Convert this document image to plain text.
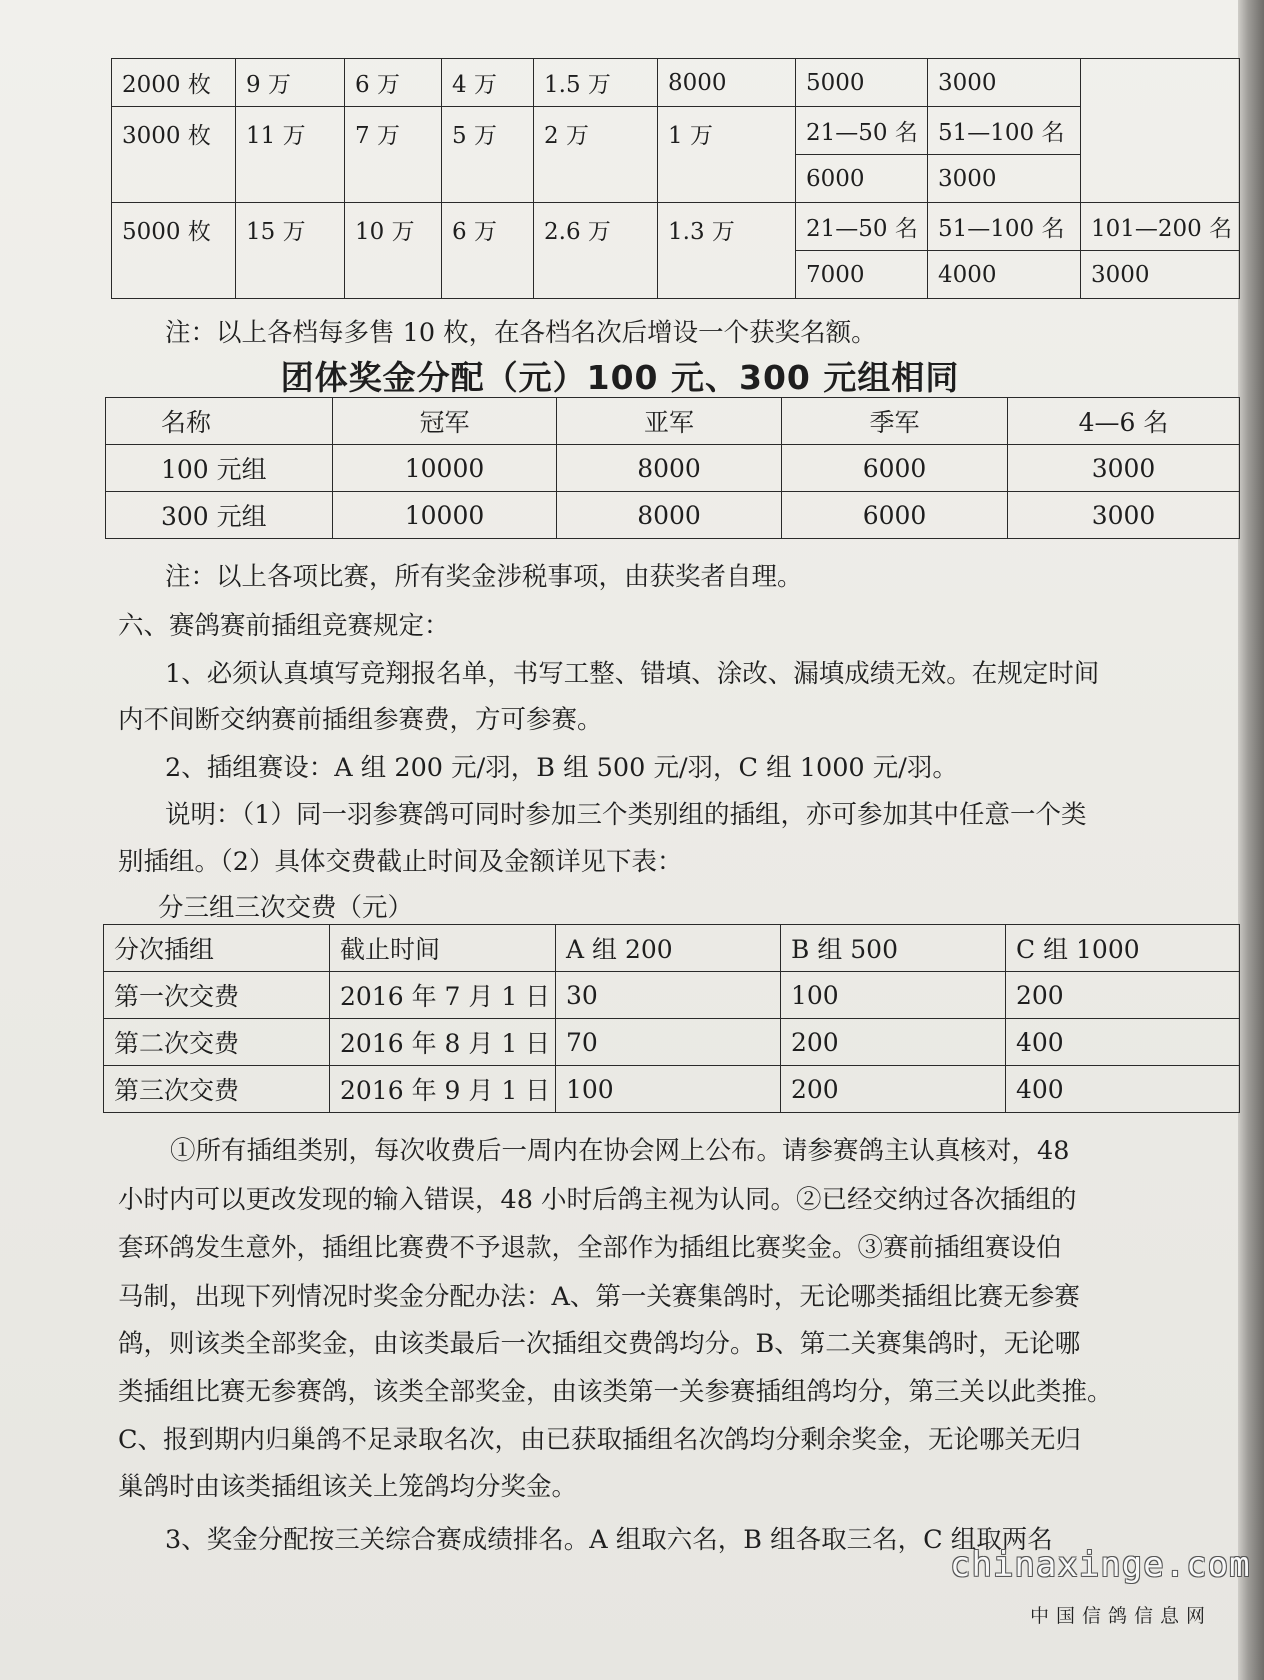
2000 枚	9 万	6 万	4 万	1.5 万	8000	5000	3000	
3000 枚	11 万	7 万	5 万	2 万	1 万	21—50 名	51—100 名	
						6000	3000	
5000 枚	15 万	10 万	6 万	2.6 万	1.3 万	21—50 名	51—100 名	101—200 名
						7000	4000	3000
注：以上各档每多售 10 枚，在各档名次后增设一个获奖名额。
团体奖金分配（元）100 元、300 元组相同
名称	冠军	亚军	季军	4—6 名
100 元组	10000	8000	6000	3000
300 元组	10000	8000	6000	3000
注：以上各项比赛，所有奖金涉税事项，由获奖者自理。
六、赛鸽赛前插组竞赛规定：
1、必须认真填写竞翔报名单，书写工整、错填、涂改、漏填成绩无效。在规定时间
内不间断交纳赛前插组参赛费，方可参赛。
2、插组赛设：A 组 200 元/羽，B 组 500 元/羽，C 组 1000 元/羽。
说明：（1）同一羽参赛鸽可同时参加三个类别组的插组，亦可参加其中任意一个类
别插组。（2）具体交费截止时间及金额详见下表：
分三组三次交费（元）
分次插组	截止时间	A 组 200	B 组 500	C 组 1000
第一次交费	2016 年 7 月 1 日	30	100	200
第二次交费	2016 年 8 月 1 日	70	200	400
第三次交费	2016 年 9 月 1 日	100	200	400
①所有插组类别，每次收费后一周内在协会网上公布。请参赛鸽主认真核对，48
小时内可以更改发现的输入错误，48 小时后鸽主视为认同。②已经交纳过各次插组的
套环鸽发生意外，插组比赛费不予退款，全部作为插组比赛奖金。③赛前插组赛设伯
马制，出现下列情况时奖金分配办法：A、第一关赛集鸽时，无论哪类插组比赛无参赛
鸽，则该类全部奖金，由该类最后一次插组交费鸽均分。B、第二关赛集鸽时，无论哪
类插组比赛无参赛鸽，该类全部奖金，由该类第一关参赛插组鸽均分，第三关以此类推。
C、报到期内归巢鸽不足录取名次，由已获取插组名次鸽均分剩余奖金，无论哪关无归
巢鸽时由该类插组该关上笼鸽均分奖金。
3、奖金分配按三关综合赛成绩排名。A 组取六名，B 组各取三名，C 组取两名
chinaxinge.com
中国信鸽信息网
